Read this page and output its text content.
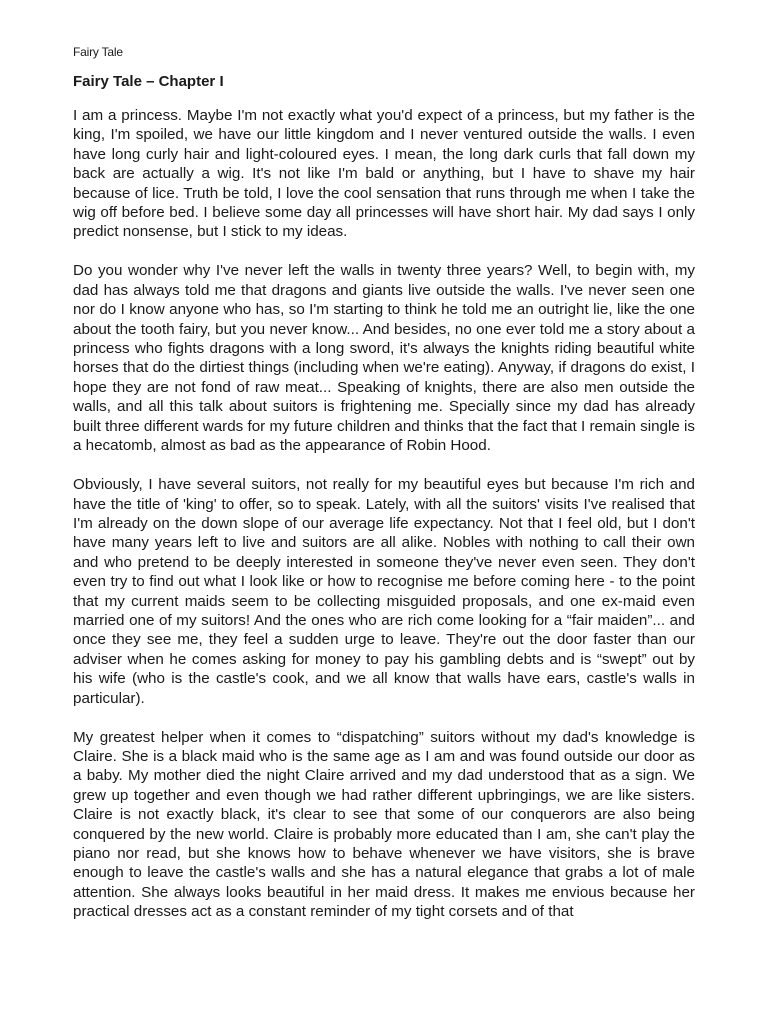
Fairy Tale
Fairy Tale – Chapter I

I am a princess. Maybe I'm not exactly what you'd expect of a princess, but my father is the king, I'm spoiled, we have our little kingdom and I never ventured outside the walls. I even have long curly hair and light-coloured eyes. I mean, the long dark curls that fall down my back are actually a wig. It's not like I'm bald or anything, but I have to shave my hair because of lice. Truth be told, I love the cool sensation that runs through me when I take the wig off before bed. I believe some day all princesses will have short hair. My dad says I only predict nonsense, but I stick to my ideas.

Do you wonder why I've never left the walls in twenty three years? Well, to begin with, my dad has always told me that dragons and giants live outside the walls. I've never seen one nor do I know anyone who has, so I'm starting to think he told me an outright lie, like the one about the tooth fairy, but you never know... And besides, no one ever told me a story about a princess who fights dragons with a long sword, it's always the knights riding beautiful white horses that do the dirtiest things (including when we're eating). Anyway, if dragons do exist, I hope they are not fond of raw meat... Speaking of knights, there are also men outside the walls, and all this talk about suitors is frightening me. Specially since my dad has already built three different wards for my future children and thinks that the fact that I remain single is a hecatomb, almost as bad as the appearance of Robin Hood.

Obviously, I have several suitors, not really for my beautiful eyes but because I'm rich and have the title of 'king' to offer, so to speak. Lately, with all the suitors' visits I've realised that I'm already on the down slope of our average life expectancy. Not that I feel old, but I don't have many years left to live and suitors are all alike. Nobles with nothing to call their own and who pretend to be deeply interested in someone they've never even seen. They don't even try to find out what I look like or how to recognise me before coming here - to the point that my current maids seem to be collecting misguided proposals, and one ex-maid even married one of my suitors! And the ones who are rich come looking for a “fair maiden”... and once they see me, they feel a sudden urge to leave. They're out the door faster than our adviser when he comes asking for money to pay his gambling debts and is “swept” out by his wife (who is the castle's cook, and we all know that walls have ears, castle's walls in particular).

My greatest helper when it comes to “dispatching” suitors without my dad's knowledge is Claire. She is a black maid who is the same age as I am and was found outside our door as a baby. My mother died the night Claire arrived and my dad understood that as a sign. We grew up together and even though we had rather different upbringings, we are like sisters. Claire is not exactly black, it's clear to see that some of our conquerors are also being conquered by the new world. Claire is probably more educated than I am, she can't play the piano nor read, but she knows how to behave whenever we have visitors, she is brave enough to leave the castle's walls and she has a natural elegance that grabs a lot of male attention. She always looks beautiful in her maid dress. It makes me envious because her practical dresses act as a constant reminder of my tight corsets and of that
